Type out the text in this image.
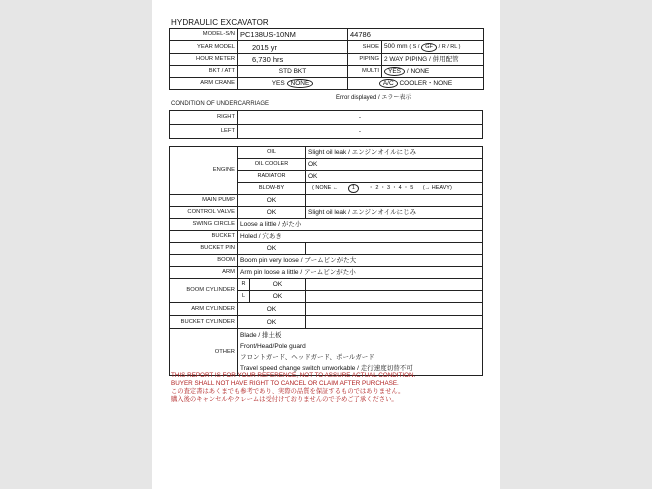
HYDRAULIC EXCAVATOR
MODEL-S/N	PC138US-10NM	44786	
YEAR MODEL	2015 yr	SHOE	500 mm ( S / GF / R / RL )
HOUR METER	6,730 hrs	PIPING	2 WAY PIPING / 併用配管
BKT / ATT	STD BKT	MULTI	YES / NONE
ARM CRANE	YES NONE	A/C COOLER・NONE	
Error displayed / エラー表示
CONDITION OF UNDERCARRIAGE
RIGHT	-
LEFT	-
ENGINE	OIL		Slight oil leak / エンジンオイルにじみ
	OIL COOLER		OK
	RADIATOR		OK
	BLOW-BY		( NONE ← 1 ・ 2 ・ 3 ・ 4 ・ 5 (→ HEAVY)
MAIN PUMP	OK		
CONTROL VALVE	OK		Slight oil leak / エンジンオイルにじみ
SWING CIRCLE	Loose a little / がた小		
BUCKET	Holed / 穴あき		
BUCKET PIN	OK		
BOOM	Boom pin very loose / ブームピンがた大		
ARM	Arm pin loose a little / アームピンがた小		
BOOM CYLINDER	R	OK	
	L	OK	
ARM CYLINDER	OK		
BUCKET CYLINDER	OK		
OTHER	Blade / 排土板
Front/Head/Pole guard
フロントガード、ヘッドガード、ポールガード
Travel speed change switch unworkable / 走行速度切替不可		
THIS REPORT IS FOR YOUR REFERENCE, NOT TO ASSURE ACTUAL CONDITION.
BUYER SHALL NOT HAVE RIGHT TO CANCEL OR CLAIM AFTER PURCHASE.
この査定書はあくまでも参考であり、実際の品質を保証するものではありません。
購入後のキャンセルやクレームは受付けておりませんので予めご了承ください。
